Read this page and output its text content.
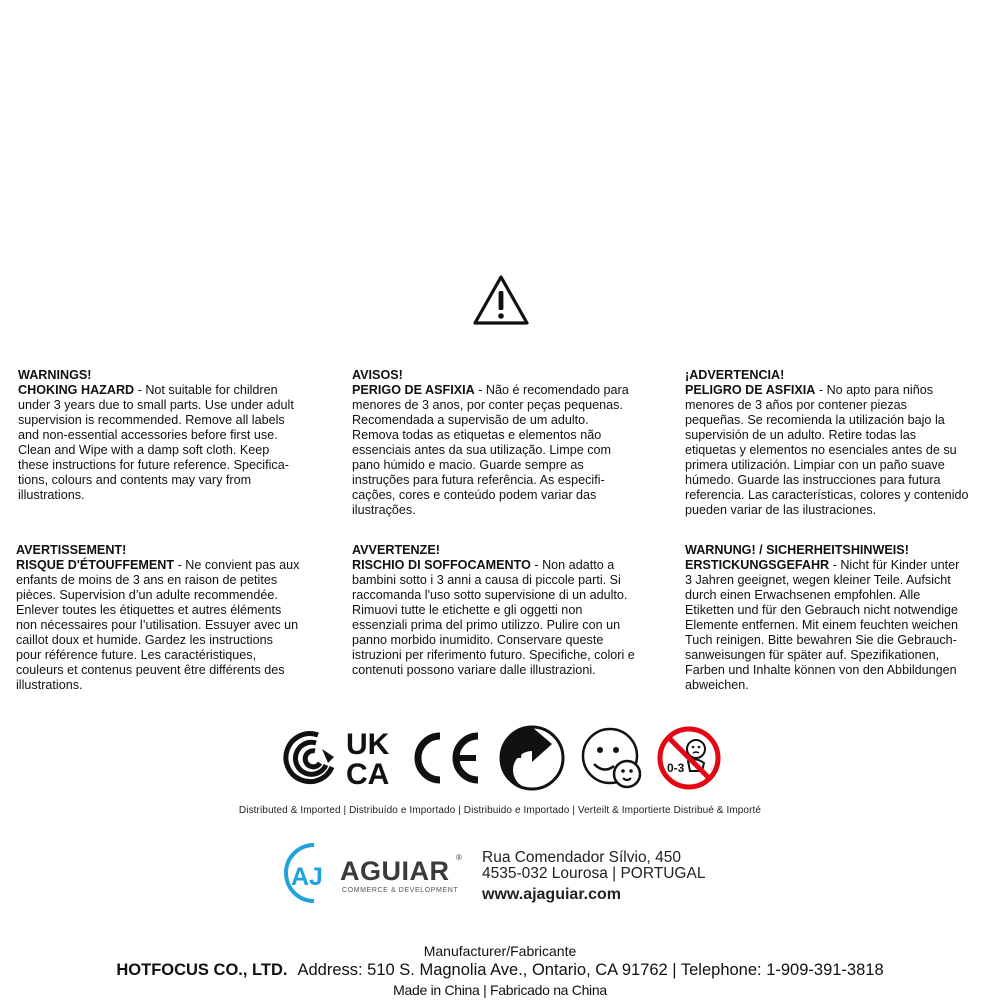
WARNINGS!
CHOKING HAZARD - Not suitable for children
under 3 years due to small parts. Use under adult
supervision is recommended. Remove all labels
and non-essential accessories before first use.
Clean and Wipe with a damp soft cloth. Keep
these instructions for future reference. Specifica-
tions, colours and contents may vary from
illustrations.
AVISOS!
PERIGO DE ASFIXIA - Não é recomendado para
menores de 3 anos, por conter peças pequenas.
Recomendada a supervisão de um adulto.
Remova todas as etiquetas e elementos não
essenciais antes da sua utilização. Limpe com
pano húmido e macio. Guarde sempre as
instruções para futura referência. As especifi-
cações, cores e conteúdo podem variar das
ilustrações.
¡ADVERTENCIA!
PELIGRO DE ASFIXIA - No apto para niños
menores de 3 años por contener piezas
pequeñas. Se recomienda la utilización bajo la
supervisión de un adulto. Retire todas las
etiquetas y elementos no esenciales antes de su
primera utilización. Limpiar con un paño suave
húmedo. Guarde las instrucciones para futura
referencia. Las características, colores y contenido
pueden variar de las ilustraciones.
AVERTISSEMENT!
RISQUE D'ÉTOUFFEMENT - Ne convient pas aux
enfants de moins de 3 ans en raison de petites
pièces. Supervision d’un adulte recommendée.
Enlever toutes les étiquettes et autres éléments
non nécessaires pour l’utilisation. Essuyer avec un
caillot doux et humide. Gardez les instructions
pour référence future. Les caractéristiques,
couleurs et contenus peuvent être différents des
illustrations.
AVVERTENZE!
RISCHIO DI SOFFOCAMENTO - Non adatto a
bambini sotto i 3 anni a causa di piccole parti. Si
raccomanda l'uso sotto supervisione di un adulto.
Rimuovi tutte le etichette e gli oggetti non
essenziali prima del primo utilizzo. Pulire con un
panno morbido inumidito. Conservare queste
istruzioni per riferimento futuro. Specifiche, colori e
contenuti possono variare dalle illustrazioni.
WARNUNG! / SICHERHEITSHINWEIS!
ERSTICKUNGSGEFAHR - Nicht für Kinder unter
3 Jahren geeignet, wegen kleiner Teile. Aufsicht
durch einen Erwachsenen empfohlen. Alle
Etiketten und für den Gebrauch nicht notwendige
Elemente entfernen. Mit einem feuchten weichen
Tuch reinigen. Bitte bewahren Sie die Gebrauch-
sanweisungen für später auf. Spezifikationen,
Farben und Inhalte können von den Abbildungen
abweichen.
UK
CA	0-3
Distributed & Imported | Distribuído e Importado | Distribuido e Importado | Verteilt & Importierte Distribué & Importé
AJ AGUIAR ®
COMMERCE & DEVELOPMENT
Rua Comendador Sílvio, 450
4535-032 Lourosa | PORTUGAL
www.ajaguiar.com
Manufacturer/Fabricante
HOTFOCUS CO., LTD. Address: 510 S. Magnolia Ave., Ontario, CA 91762 | Telephone: 1-909-391-3818
Made in China | Fabricado na China
